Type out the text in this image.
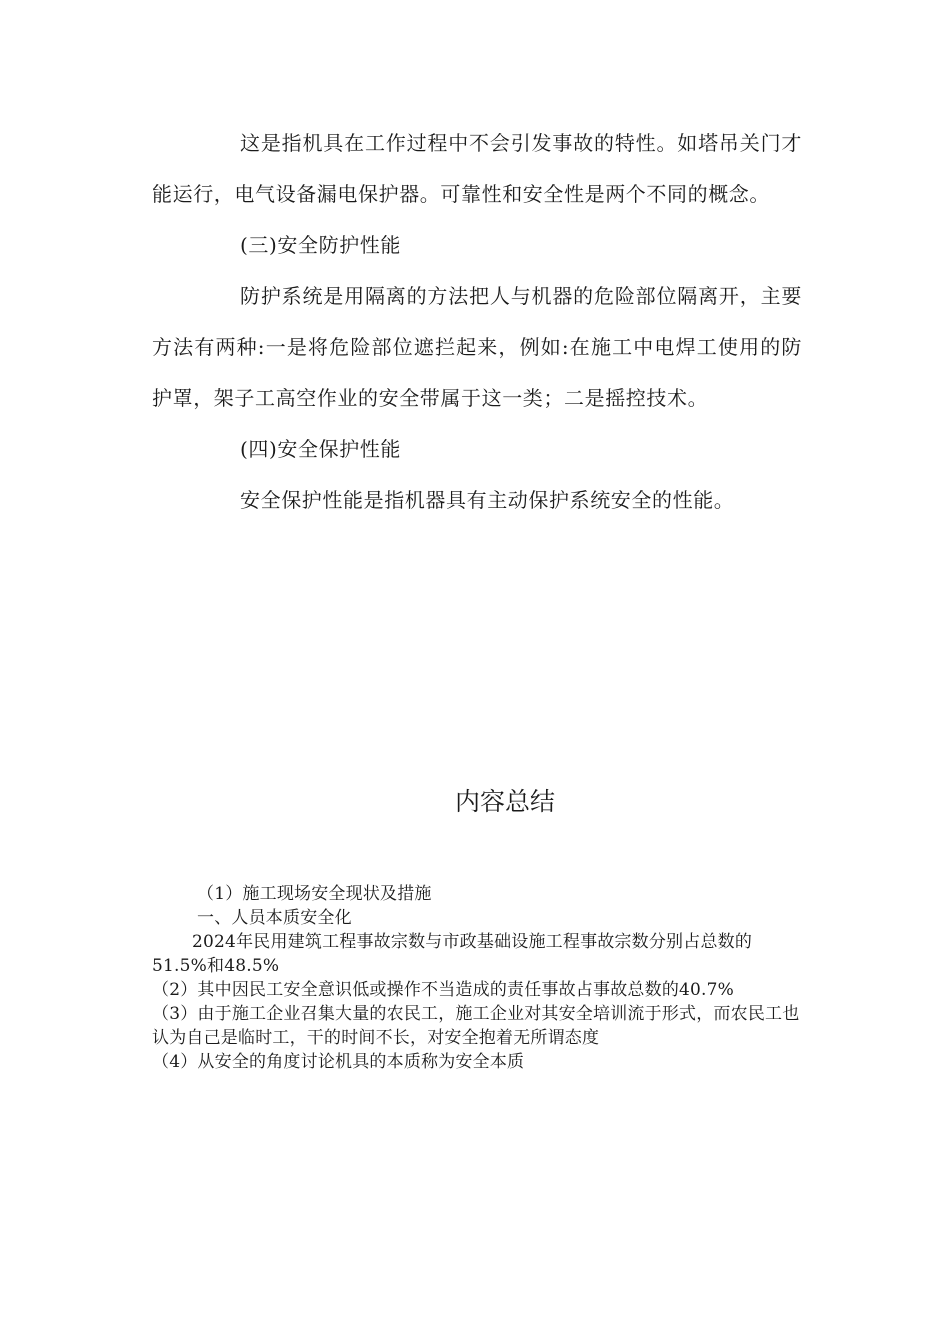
这是指机具在工作过程中不会引发事故的特性。如塔吊关门才能运行，电气设备漏电保护器。可靠性和安全性是两个不同的概念。

(三)安全防护性能

防护系统是用隔离的方法把人与机器的危险部位隔离开，主要方法有两种:一是将危险部位遮拦起来，例如:在施工中电焊工使用的防护罩，架子工高空作业的安全带属于这一类；二是摇控技术。

(四)安全保护性能

安全保护性能是指机器具有主动保护系统安全的性能。

内容总结

（1）施工现场安全现状及措施

一、人员本质安全化

2024年民用建筑工程事故宗数与市政基础设施工程事故宗数分别占总数的51.5%和48.5%

（2）其中因民工安全意识低或操作不当造成的责任事故占事故总数的40.7%

（3）由于施工企业召集大量的农民工，施工企业对其安全培训流于形式，而农民工也认为自己是临时工，干的时间不长，对安全抱着无所谓态度

（4）从安全的角度讨论机具的本质称为安全本质
